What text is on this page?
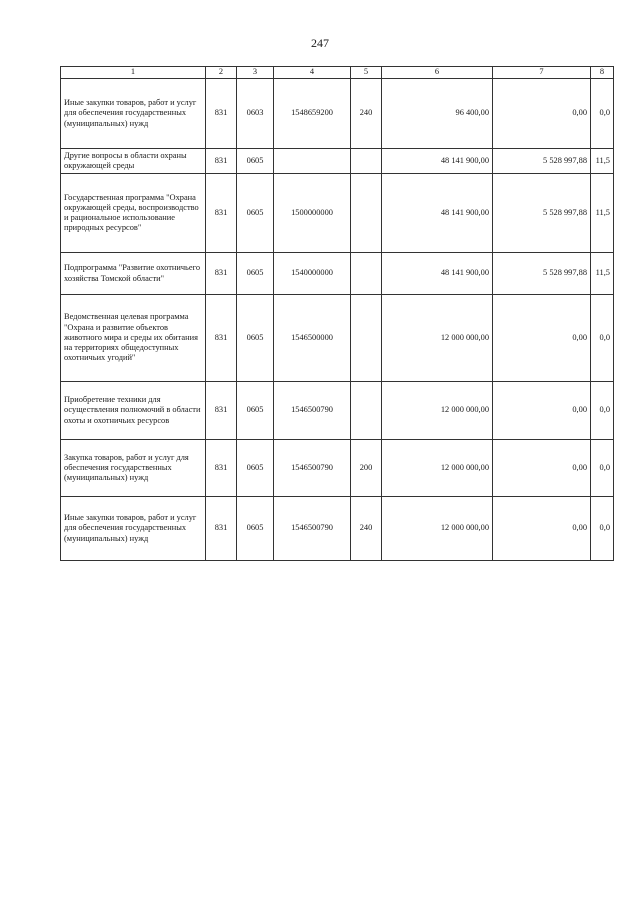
247
1	2	3	4	5	6	7	8
Иные закупки товаров, работ и услуг для обеспечения государственных (муниципальных) нужд	831	0603	1548659200	240	96 400,00	0,00	0,0
Другие вопросы в области охраны окружающей среды	831	0605			48 141 900,00	5 528 997,88	11,5
Государственная программа "Охрана окружающей среды, воспроизводство и рациональное использование природных ресурсов"	831	0605	1500000000		48 141 900,00	5 528 997,88	11,5
Подпрограмма "Развитие охотничьего хозяйства Томской области"	831	0605	1540000000		48 141 900,00	5 528 997,88	11,5
Ведомственная целевая программа "Охрана и развитие объектов животного мира и среды их обитания на территориях общедоступных охотничьих угодий"	831	0605	1546500000		12 000 000,00	0,00	0,0
Приобретение техники для осуществления полномочий в области охоты и охотничьих ресурсов	831	0605	1546500790		12 000 000,00	0,00	0,0
Закупка товаров, работ и услуг для обеспечения государственных (муниципальных) нужд	831	0605	1546500790	200	12 000 000,00	0,00	0,0
Иные закупки товаров, работ и услуг для обеспечения государственных (муниципальных) нужд	831	0605	1546500790	240	12 000 000,00	0,00	0,0
